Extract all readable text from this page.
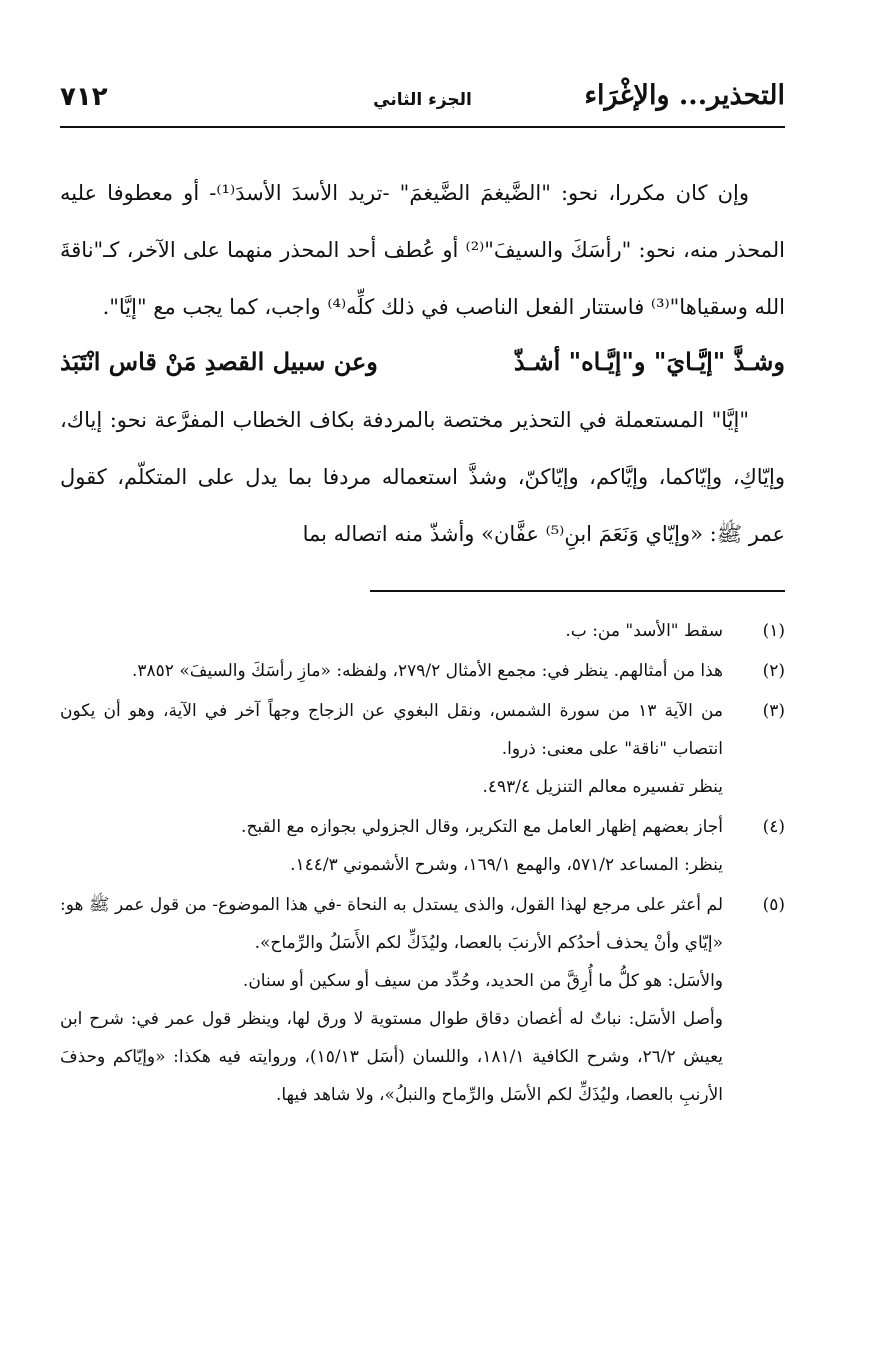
التحذير... والإغْرَاء
الجزء الثاني
٧١٢

وإن كان مكررا، نحو: "الضَّيغمَ الضَّيغمَ" -تريد الأسدَ الأسدَ⁽¹⁾- أو معطوفا عليه المحذر منه، نحو: "رأسَكَ والسيفَ"⁽²⁾ أو عُطف أحد المحذر منهما على الآخر، كـ"ناقةَ الله وسقياها"⁽³⁾ فاستتار الفعل الناصب في ذلك كلِّه⁽⁴⁾ واجب، كما يجب مع "إيَّا".

وشـذَّ "إيَّـايَ" و"إيَّـاه" أشـذّ
وعن سبيل القصدِ مَنْ قاس انْتَبَذ

"إيَّا" المستعملة في التحذير مختصة بالمردفة بكاف الخطاب المفرَّعة نحو: إياك، وإيّاكِ، وإيّاكما، وإيَّاكم، وإيّاكنّ، وشذَّ استعماله مردفا بما يدل على المتكلّم، كقول عمر ﷺ: «وإيّاي وَنَعَمَ ابنِ⁽⁵⁾ عفَّان» وأشذّ منه اتصاله بما

(١)

سقط "الأسد" من: ب.

(٢)

هذا من أمثالهم. ينظر في: مجمع الأمثال ٢٧٩/٢، ولفظه: «مازِ رأسَكَ والسيفَ» ٣٨٥٢.

(٣)

من الآية ١٣ من سورة الشمس، ونقل البغوي عن الزجاج وجهاً آخر في الآية، وهو أن يكون انتصاب "ناقة" على معنى: ذروا.

ينظر تفسيره معالم التنزيل ٤٩٣/٤.

(٤)

أجاز بعضهم إظهار العامل مع التكرير، وقال الجزولي بجوازه مع القبح.

ينظر: المساعد ٥٧١/٢، والهمع ١٦٩/١، وشرح الأشموني ١٤٤/٣.

(٥)

لم أعثر على مرجع لهذا القول، والذى يستدل به النحاة -في هذا الموضوع- من قول عمر ﷺ هو: «إيّاي وأنْ يحذف أحدُكم الأرنبَ بالعصا، وليُذَكِّ لكم الأَسَلُ والرِّماح».

والأسَل: هو كلُّ ما أُرِقَّ من الحديد، وحُدِّد من سيف أو سكين أو سنان.

وأصل الأسَل: نباتٌ له أغصان دقاق طوال مستوية لا ورق لها، وينظر قول عمر في: شرح ابن يعيش ٢٦/٢، وشرح الكافية ١٨١/١، واللسان (أسَل ١٥/١٣)، وروايته فيه هكذا: «وإيّاكم وحذفَ الأرنبِ بالعصا، وليُذَكِّ لكم الأسَل والرِّماح والنبلُ»، ولا شاهد فيها.
